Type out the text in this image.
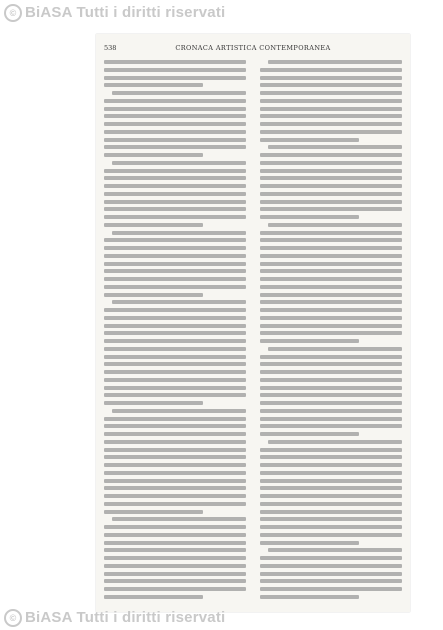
© BiASA Tutti i diritti riservati
538	CRONACA ARTISTICA CONTEMPORANEA
© BiASA Tutti i diritti riservati
